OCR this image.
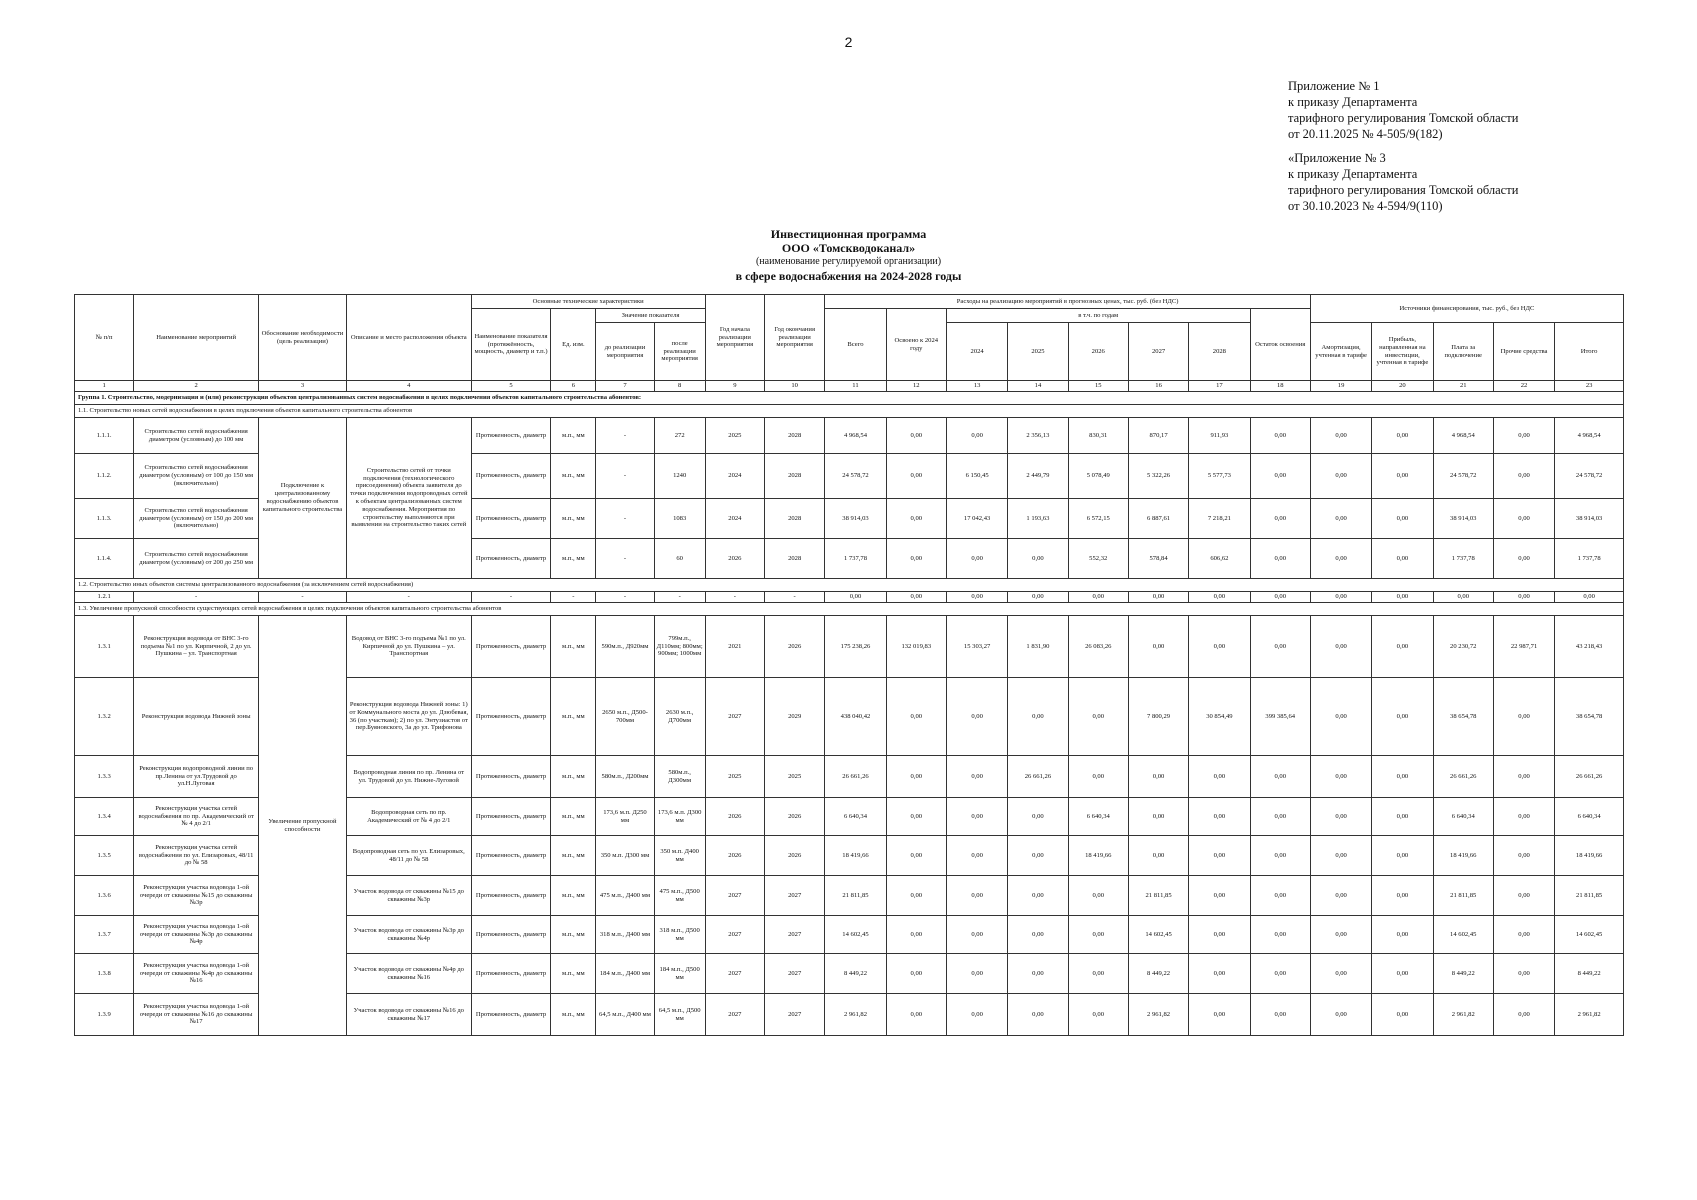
2
Приложение № 1
к приказу Департамента
тарифного регулирования Томской области
от 20.11.2025 № 4-505/9(182)
«Приложение № 3
к приказу Департамента
тарифного регулирования Томской области
от 30.10.2023 № 4-594/9(110)
Инвестиционная программа
ООО «Томскводоканал»
(наименование регулируемой организации)
в сфере водоснабжения на 2024-2028 годы
№ п/п	Наименование мероприятий	Обоснование необходимости (цель реализации)	Описание и место расположения объекта	Основные технические характеристики				Год начала реализации мероприятия	Год окончания реализации мероприятия	Расходы на реализацию мероприятий в прогнозных ценах, тыс. руб. (без НДС)								Источники финансирования, тыс. руб., без НДС				
				Наименование показателя (протяжённость, мощность, диаметр и т.п.)	Ед. изм.	Значение показателя				Всего	Освоено к 2024 году	в т.ч. по годам					Остаток освоения					
						до реализации мероприятия	после реализации мероприятия					2024	2025	2026	2027	2028		Амортизация, учтенная в тарифе	Прибыль, направленная на инвестиции, учтенная в тарифе	Плата за подключение	Прочие средства	Итого

1	2	3	4	5	6	7	8	9	10	11	12	13	14	15	16	17	18	19	20	21	22	23
Группа 1. Строительство, модернизация и (или) реконструкция объектов централизованных систем водоснабжения в целях подключения объектов капитального строительства абонентов:																						
1.1. Строительство новых сетей водоснабжения в целях подключения объектов капитального строительства абонентов																						
1.1.1.	Строительство сетей водоснабжения диаметром (условным) до 100 мм	Подключение к централизованному водоснабжению объектов капитального строительства	Строительство сетей от точки подключения (технологического присоединения) объекта заявителя до точки подключения водопроводных сетей к объектам централизованных систем водоснабжения. Мероприятия по строительству выполняются при выявлении на строительство таких сетей	Протяженность, диаметр	м.п., мм	-	272	2025	2028	4 968,54	0,00	0,00	2 356,13	830,31	870,17	911,93	0,00	0,00	0,00	4 968,54	0,00	4 968,54
1.1.2.	Строительство сетей водоснабжения диаметром (условным) от 100 до 150 мм (включительно)			Протяженность, диаметр	м.п., мм	-	1240	2024	2028	24 578,72	0,00	6 150,45	2 449,79	5 078,49	5 322,26	5 577,73	0,00	0,00	0,00	24 578,72	0,00	24 578,72
1.1.3.	Строительство сетей водоснабжения диаметром (условным) от 150 до 200 мм (включительно)			Протяженность, диаметр	м.п., мм	-	1083	2024	2028	38 914,03	0,00	17 042,43	1 193,63	6 572,15	6 887,61	7 218,21	0,00	0,00	0,00	38 914,03	0,00	38 914,03
1.1.4.	Строительство сетей водоснабжения диаметром (условным) от 200 до 250 мм			Протяженность, диаметр	м.п., мм	-	60	2026	2028	1 737,78	0,00	0,00	0,00	552,32	578,84	606,62	0,00	0,00	0,00	1 737,78	0,00	1 737,78
1.2. Строительство иных объектов системы централизованного водоснабжения (за исключением сетей водоснабжения)																						
1.2.1	-	-	-	-	-	-	-	-	-	0,00	0,00	0,00	0,00	0,00	0,00	0,00	0,00	0,00	0,00	0,00	0,00	0,00
1.3. Увеличение пропускной способности существующих сетей водоснабжения в целях подключения объектов капитального строительства абонентов																						
1.3.1	Реконструкция водовода от ВНС 3-го подъема №1 по ул. Кирпичной, 2 до ул. Пушкина – ул. Транспортная	Увеличение пропускной способности	Водовод от ВНС 3-го подъема №1 по ул. Кирпичной до ул. Пушкина – ул. Транспортная	Протяженность, диаметр	м.п., мм	590м.п., Д920мм	799м.п., Д110мм; 800мм; 900мм; 1000мм	2021	2026	175 238,26	132 019,83	15 303,27	1 831,90	26 083,26	0,00	0,00	0,00	0,00	0,00	20 230,72	22 987,71	43 218,43
1.3.2	Реконструкция водовода Нижней зоны		Реконструкция водовода Нижней зоны: 1) от Коммунального моста до ул. Дзюбевая, 36 (по участкам); 2) по ул. Энтузиастов от пер.Буяновского, 3а до ул. Трифонова	Протяженность, диаметр	м.п., мм	2650 м.п., Д500-700мм	2630 м.п., Д700мм	2027	2029	438 040,42	0,00	0,00	0,00	0,00	7 800,29	30 854,49	399 385,64	0,00	0,00	38 654,78	0,00	38 654,78
1.3.3	Реконструкция водопроводной линии по пр.Ленина от ул.Трудовой до ул.Н.Луговая		Водопроводная линия по пр. Ленина от ул. Трудовой до ул. Нижне-Луговой	Протяженность, диаметр	м.п., мм	580м.п., Д200мм	580м.п., Д300мм	2025	2025	26 661,26	0,00	0,00	26 661,26	0,00	0,00	0,00	0,00	0,00	0,00	26 661,26	0,00	26 661,26
1.3.4	Реконструкция участка сетей водоснабжения по пр. Академический от № 4 до 2/1		Водопроводная сеть по пр. Академический от № 4 до 2/1	Протяженность, диаметр	м.п., мм	173,6 м.п. Д250 мм	173,6 м.п. Д300 мм	2026	2026	6 640,34	0,00	0,00	0,00	6 640,34	0,00	0,00	0,00	0,00	0,00	6 640,34	0,00	6 640,34
1.3.5	Реконструкция участка сетей водоснабжения по ул. Елизаровых, 48/11 до № 58		Водопроводная сеть по ул. Елизаровых, 48/11 до № 58	Протяженность, диаметр	м.п., мм	350 м.п. Д300 мм	350 м.п. Д400 мм	2026	2026	18 419,66	0,00	0,00	0,00	18 419,66	0,00	0,00	0,00	0,00	0,00	18 419,66	0,00	18 419,66
1.3.6	Реконструкция участка водовода 1-ой очереди от скважины №15 до скважины №3р		Участок водовода от скважины №15 до скважины №3р	Протяженность, диаметр	м.п., мм	475 м.п., Д400 мм	475 м.п., Д500 мм	2027	2027	21 811,85	0,00	0,00	0,00	0,00	21 811,85	0,00	0,00	0,00	0,00	21 811,85	0,00	21 811,85
1.3.7	Реконструкция участка водовода 1-ой очереди от скважины №3р до скважины №4р		Участок водовода от скважины №3р до скважины №4р	Протяженность, диаметр	м.п., мм	318 м.п., Д400 мм	318 м.п., Д500 мм	2027	2027	14 602,45	0,00	0,00	0,00	0,00	14 602,45	0,00	0,00	0,00	0,00	14 602,45	0,00	14 602,45
1.3.8	Реконструкция участка водовода 1-ой очереди от скважины №4р до скважины №16		Участок водовода от скважины №4р до скважины №16	Протяженность, диаметр	м.п., мм	184 м.п., Д400 мм	184 м.п., Д500 мм	2027	2027	8 449,22	0,00	0,00	0,00	0,00	8 449,22	0,00	0,00	0,00	0,00	8 449,22	0,00	8 449,22
1.3.9	Реконструкция участка водовода 1-ой очереди от скважины №16 до скважины №17		Участок водовода от скважины №16 до скважины №17	Протяженность, диаметр	м.п., мм	64,5 м.п., Д400 мм	64,5 м.п., Д500 мм	2027	2027	2 961,82	0,00	0,00	0,00	0,00	2 961,82	0,00	0,00	0,00	0,00	2 961,82	0,00	2 961,82
